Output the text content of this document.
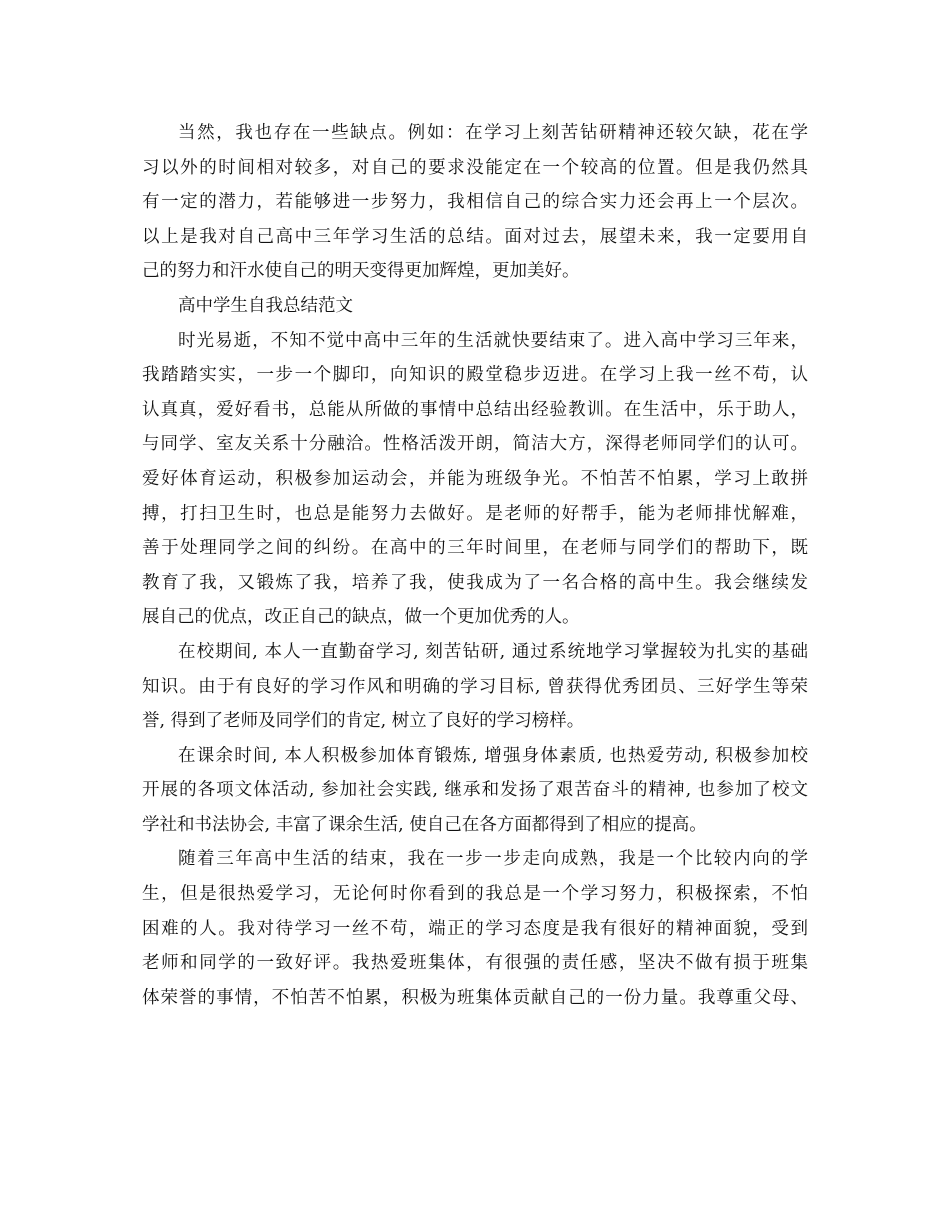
当然，我也存在一些缺点。例如：在学习上刻苦钻研精神还较欠缺，花在学
习以外的时间相对较多，对自己的要求没能定在一个较高的位置。但是我仍然具
有一定的潜力，若能够进一步努力，我相信自己的综合实力还会再上一个层次。
以上是我对自己高中三年学习生活的总结。面对过去，展望未来，我一定要用自
己的努力和汗水使自己的明天变得更加辉煌，更加美好。
高中学生自我总结范文
时光易逝，不知不觉中高中三年的生活就快要结束了。进入高中学习三年来，
我踏踏实实，一步一个脚印，向知识的殿堂稳步迈进。在学习上我一丝不苟，认
认真真，爱好看书，总能从所做的事情中总结出经验教训。在生活中，乐于助人，
与同学、室友关系十分融洽。性格活泼开朗，简洁大方，深得老师同学们的认可。
爱好体育运动，积极参加运动会，并能为班级争光。不怕苦不怕累，学习上敢拼
搏，打扫卫生时，也总是能努力去做好。是老师的好帮手，能为老师排忧解难，
善于处理同学之间的纠纷。在高中的三年时间里，在老师与同学们的帮助下，既
教育了我，又锻炼了我，培养了我，使我成为了一名合格的高中生。我会继续发
展自己的优点，改正自己的缺点，做一个更加优秀的人。
在校期间, 本人一直勤奋学习, 刻苦钻研, 通过系统地学习掌握较为扎实的基础
知识。由于有良好的学习作风和明确的学习目标, 曾获得优秀团员、三好学生等荣
誉, 得到了老师及同学们的肯定, 树立了良好的学习榜样。
在课余时间, 本人积极参加体育锻炼, 增强身体素质, 也热爱劳动, 积极参加校
开展的各项文体活动, 参加社会实践, 继承和发扬了艰苦奋斗的精神, 也参加了校文
学社和书法协会, 丰富了课余生活, 使自己在各方面都得到了相应的提高。
随着三年高中生活的结束，我在一步一步走向成熟，我是一个比较内向的学
生，但是很热爱学习，无论何时你看到的我总是一个学习努力，积极探索，不怕
困难的人。我对待学习一丝不苟，端正的学习态度是我有很好的精神面貌，受到
老师和同学的一致好评。我热爱班集体，有很强的责任感，坚决不做有损于班集
体荣誉的事情，不怕苦不怕累，积极为班集体贡献自己的一份力量。我尊重父母、
